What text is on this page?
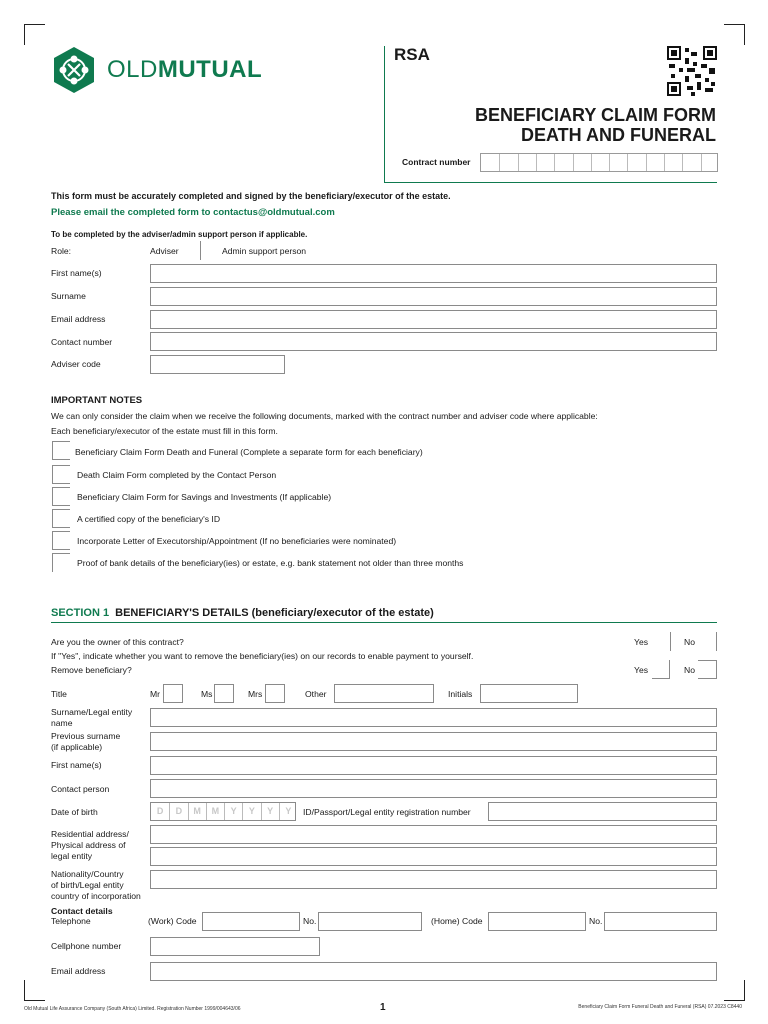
OLDMUTUAL
RSA
BENEFICIARY CLAIM FORM
DEATH AND FUNERAL
Contract number
This form must be accurately completed and signed by the beneficiary/executor of the estate.
Please email the completed form to contactus@oldmutual.com
To be completed by the adviser/admin support person if applicable.
Role:	Adviser	Admin support person
First name(s)
Surname
Email address
Contact number
Adviser code
IMPORTANT NOTES
We can only consider the claim when we receive the following documents, marked with the contract number and adviser code where applicable:
Each beneficiary/executor of the estate must fill in this form.
Beneficiary Claim Form Death and Funeral (Complete a separate form for each beneficiary)
Death Claim Form completed by the Contact Person
Beneficiary Claim Form for Savings and Investments (If applicable)
A certified copy of the beneficiary's ID
Incorporate Letter of Executorship/Appointment (If no beneficiaries were nominated)
Proof of bank details of the beneficiary(ies) or estate, e.g. bank statement not older than three months
SECTION 1 BENEFICIARY'S DETAILS (beneficiary/executor of the estate)
Are you the owner of this contract?	Yes	No
If "Yes", indicate whether you want to remove the beneficiary(ies) on our records to enable payment to yourself.
Remove beneficiary?	Yes	No
Title	Mr	Ms	Mrs	Other	Initials
Surname/Legal entity
name
Previous surname
(if applicable)
First name(s)
Contact person
Date of birth	D	D	M	M	Y	Y	Y	Y	ID/Passport/Legal entity registration number
Residential address/
Physical address of
legal entity
Nationality/Country
of birth/Legal entity
country of incorporation
Contact details
Telephone	(Work) Code	No.	(Home) Code	No.
Cellphone number
Email address
Old Mutual Life Assurance Company (South Africa) Limited. Registration Number 1999/004643/06	1	Beneficiary Claim Form Funeral Death and Funeral (RSA) 07.2023 C8440
